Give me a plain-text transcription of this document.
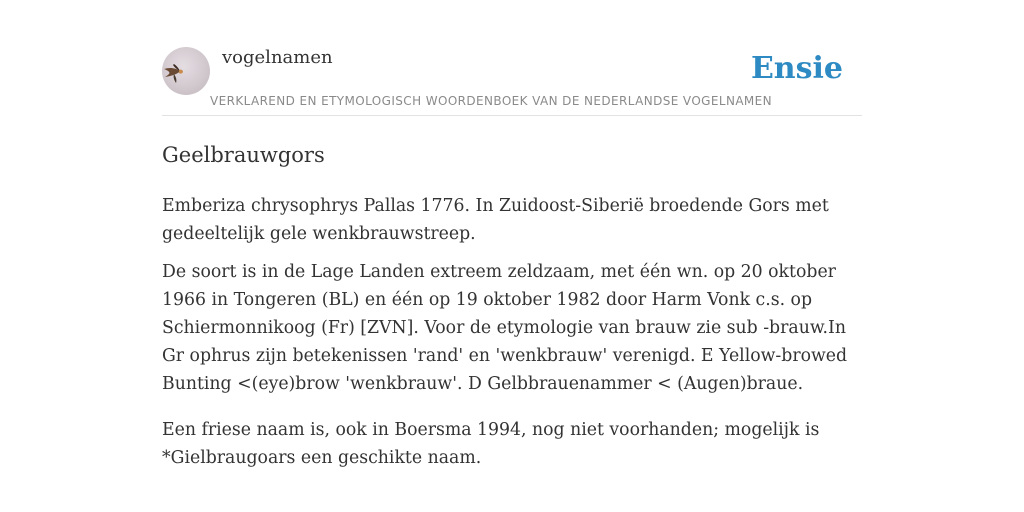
vogelnamen	Ensie
VERKLAREND EN ETYMOLOGISCH WOORDENBOEK VAN DE NEDERLANDSE VOGELNAMEN
Geelbrauwgors

Emberiza chrysophrys Pallas 1776. In Zuidoost-Siberië broedende Gors met gedeeltelijk gele wenkbrauwstreep.

De soort is in de Lage Landen extreem zeldzaam, met één wn. op 20 oktober 1966 in Tongeren (BL) en één op 19 oktober 1982 door Harm Vonk c.s. op Schiermonnikoog (Fr) [ZVN]. Voor de etymologie van brauw zie sub -brauw.In Gr ophrus zijn betekenissen 'rand' en 'wenkbrauw' verenigd. E Yellow-browed Bunting <(eye)brow 'wenkbrauw'. D Gelbbrauenammer < (Augen)braue.

Een friese naam is, ook in Boersma 1994, nog niet voorhanden; mogelijk is *Gielbraugoars een geschikte naam.
